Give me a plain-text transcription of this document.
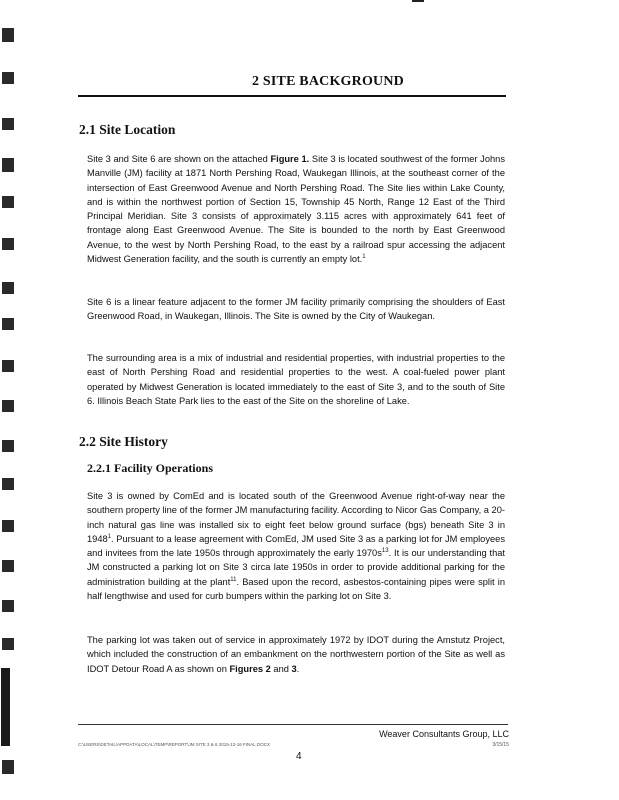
2 SITE BACKGROUND
2.1 Site Location
Site 3 and Site 6 are shown on the attached Figure 1. Site 3 is located southwest of the former Johns Manville (JM) facility at 1871 North Pershing Road, Waukegan Illinois, at the southeast corner of the intersection of East Greenwood Avenue and North Pershing Road. The Site lies within Lake County, and is within the northwest portion of Section 15, Township 45 North, Range 12 East of the Third Principal Meridian. Site 3 consists of approximately 3.115 acres with approximately 641 feet of frontage along East Greenwood Avenue. The Site is bounded to the north by East Greenwood Avenue, to the west by North Pershing Road, to the east by a railroad spur accessing the adjacent Midwest Generation facility, and the south is currently an empty lot.$^1$
Site 6 is a linear feature adjacent to the former JM facility primarily comprising the shoulders of East Greenwood Road, in Waukegan, Illinois. The Site is owned by the City of Waukegan.
The surrounding area is a mix of industrial and residential properties, with industrial properties to the east of North Pershing Road and residential properties to the west. A coal-fueled power plant operated by Midwest Generation is located immediately to the east of Site 3, and to the south of Site 6. Illinois Beach State Park lies to the east of the Site on the shoreline of Lake.
2.2 Site History
2.2.1 Facility Operations
Site 3 is owned by ComEd and is located south of the Greenwood Avenue right-of-way near the southern property line of the former JM manufacturing facility. According to Nicor Gas Company, a 20-inch natural gas line was installed six to eight feet below ground surface (bgs) beneath Site 3 in 1948$^1$. Pursuant to a lease agreement with ComEd, JM used Site 3 as a parking lot for JM employees and invitees from the late 1950s through approximately the early $1970s^{13}$. It is our understanding that JM constructed a parking lot on Site 3 circa late 1950s in order to provide additional parking for the administration building at the plant$^{11}$. Based upon the record, asbestos-containing pipes were split in half lengthwise and used for curb bumpers within the parking lot on Site 3.
The parking lot was taken out of service in approximately 1972 by IDOT during the Amstutz Project, which included the construction of an embankment on the northwestern portion of the Site as well as IDOT Detour Road A as shown on Figures 2 and 3.
Weaver Consultants Group, LLC
C:\USERS\DETAIL\APPDATA\LOCAL\TEMP\REPORT\JM SITE 3 & 6 2015-12-16 FINAL.DOCX	3/15/15
4
